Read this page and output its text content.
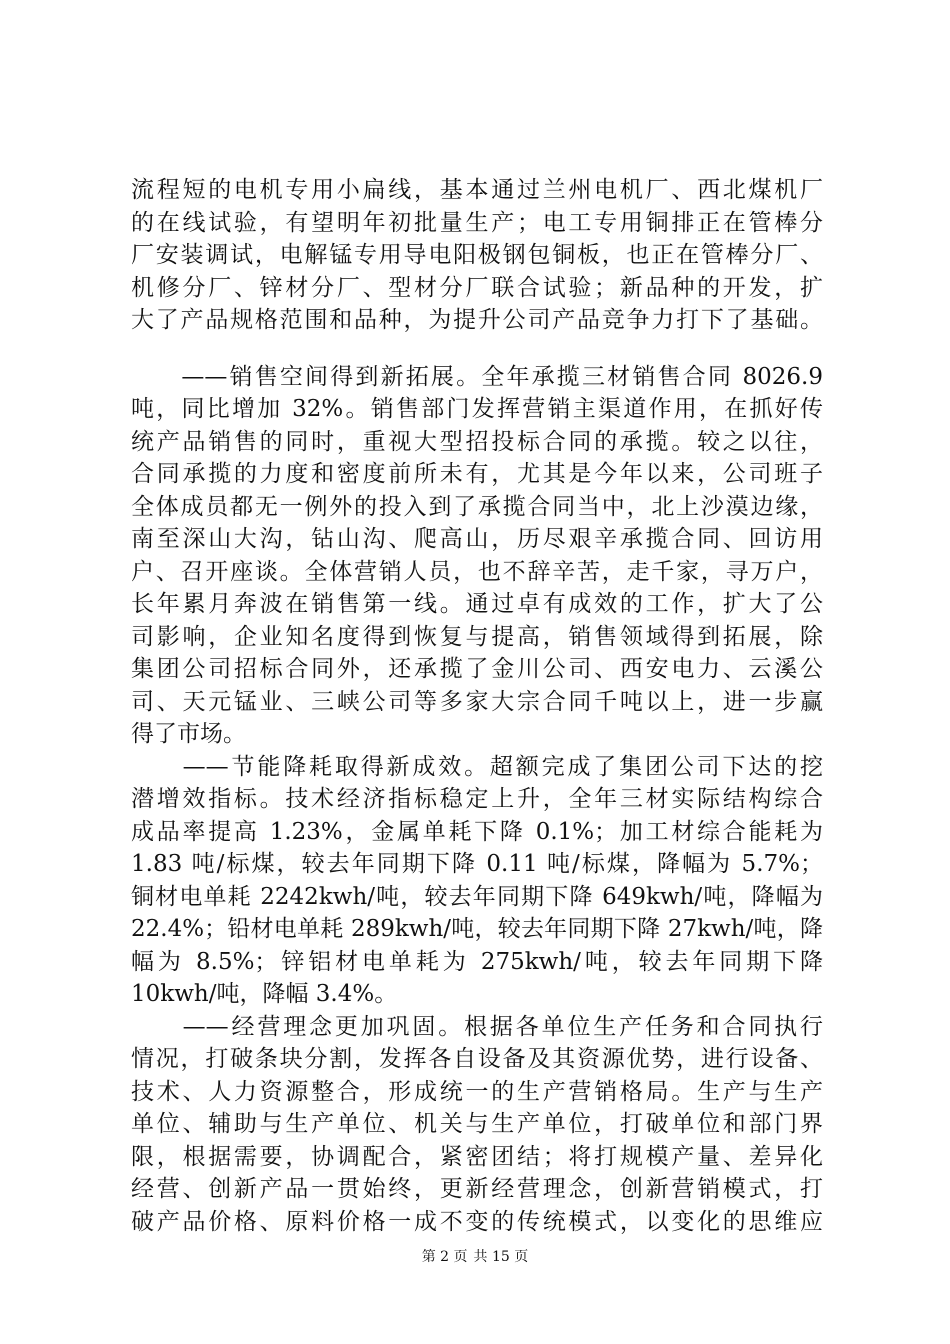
流程短的电机专用小扁线，基本通过兰州电机厂、西北煤机厂
的在线试验，有望明年初批量生产；电工专用铜排正在管棒分
厂安装调试，电解锰专用导电阳极钢包铜板，也正在管棒分厂、
机修分厂、锌材分厂、型材分厂联合试验；新品种的开发，扩
大了产品规格范围和品种，为提升公司产品竞争力打下了基础。
　　——销售空间得到新拓展。全年承揽三材销售合同 8026.9
吨，同比增加 32%。销售部门发挥营销主渠道作用，在抓好传
统产品销售的同时，重视大型招投标合同的承揽。较之以往，
合同承揽的力度和密度前所未有，尤其是今年以来，公司班子
全体成员都无一例外的投入到了承揽合同当中，北上沙漠边缘，
南至深山大沟，钻山沟、爬高山，历尽艰辛承揽合同、回访用
户、召开座谈。全体营销人员，也不辞辛苦，走千家，寻万户，
长年累月奔波在销售第一线。通过卓有成效的工作，扩大了公
司影响，企业知名度得到恢复与提高，销售领域得到拓展，除
集团公司招标合同外，还承揽了金川公司、西安电力、云溪公
司、天元锰业、三峡公司等多家大宗合同千吨以上，进一步赢
得了市场。
　　——节能降耗取得新成效。超额完成了集团公司下达的挖
潜增效指标。技术经济指标稳定上升，全年三材实际结构综合
成品率提高 1.23%，金属单耗下降 0.1%；加工材综合能耗为
1.83 吨/标煤，较去年同期下降 0.11 吨/标煤，降幅为 5.7%；
铜材电单耗 2242kwh/吨，较去年同期下降 649kwh/吨，降幅为
22.4%；铅材电单耗 289kwh/吨，较去年同期下降 27kwh/吨，降
幅为 8.5%；锌铝材电单耗为 275kwh/吨，较去年同期下降
10kwh/吨，降幅 3.4%。
　　——经营理念更加巩固。根据各单位生产任务和合同执行
情况，打破条块分割，发挥各自设备及其资源优势，进行设备、
技术、人力资源整合，形成统一的生产营销格局。生产与生产
单位、辅助与生产单位、机关与生产单位，打破单位和部门界
限，根据需要，协调配合，紧密团结；将打规模产量、差异化
经营、创新产品一贯始终，更新经营理念，创新营销模式，打
破产品价格、原料价格一成不变的传统模式，以变化的思维应
第 2 页 共 15 页
